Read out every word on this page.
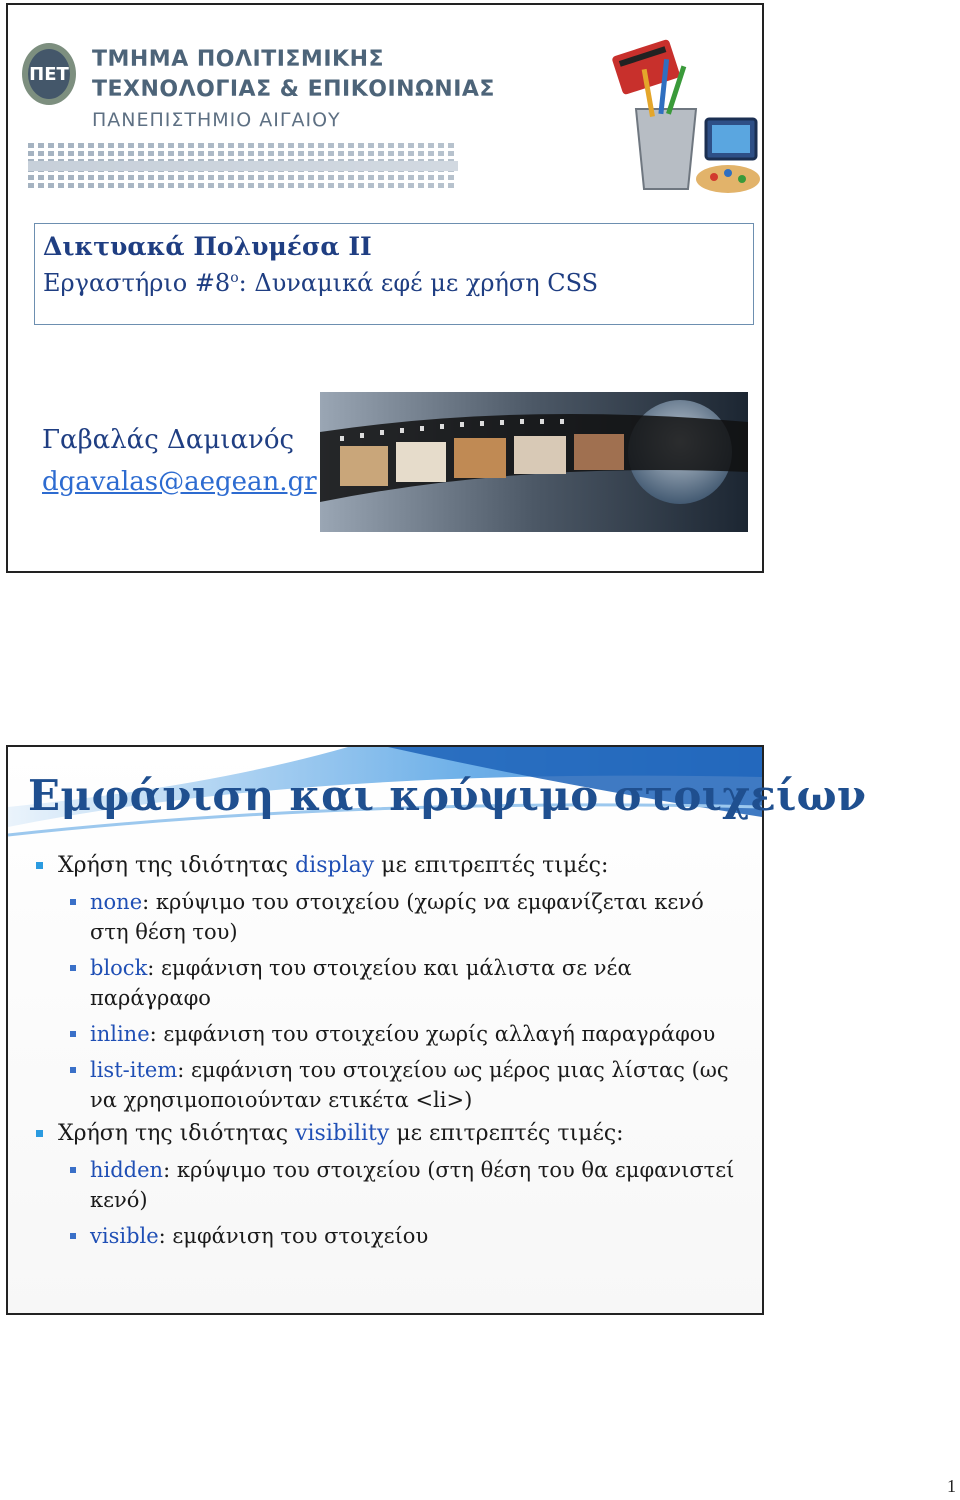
ΠΕΤ
ΤΜΗΜΑ ΠΟΛΙΤΙΣΜΙΚΗΣ
ΤΕΧΝΟΛΟΓΙΑΣ & ΕΠΙΚΟΙΝΩΝΙΑΣ
ΠΑΝΕΠΙΣΤΗΜΙΟ ΑΙΓΑΙΟΥ
Δικτυακά Πολυμέσα ΙΙ
Εργαστήριο $\#8^o$: Δυναμικά εφέ με χρήση CSS
Γαβαλάς Δαμιανός
dgavalas@aegean.gr
Εμφάνιση και κρύψιμο στοιχείων

Χρήση της ιδιότητας display με επιτρεπτές τιμές:

none: κρύψιμο του στοιχείου (χωρίς να εμφανίζεται κενό στη θέση του)

block: εμφάνιση του στοιχείου και μάλιστα σε νέα παράγραφο

inline: εμφάνιση του στοιχείου χωρίς αλλαγή παραγράφου

list-item: εμφάνιση του στοιχείου ως μέρος μιας λίστας (ως να χρησιμοποιούνταν ετικέτα <li>)

Χρήση της ιδιότητας visibility με επιτρεπτές τιμές:

hidden: κρύψιμο του στοιχείου (στη θέση του θα εμφανιστεί κενό)

visible: εμφάνιση του στοιχείου

1
